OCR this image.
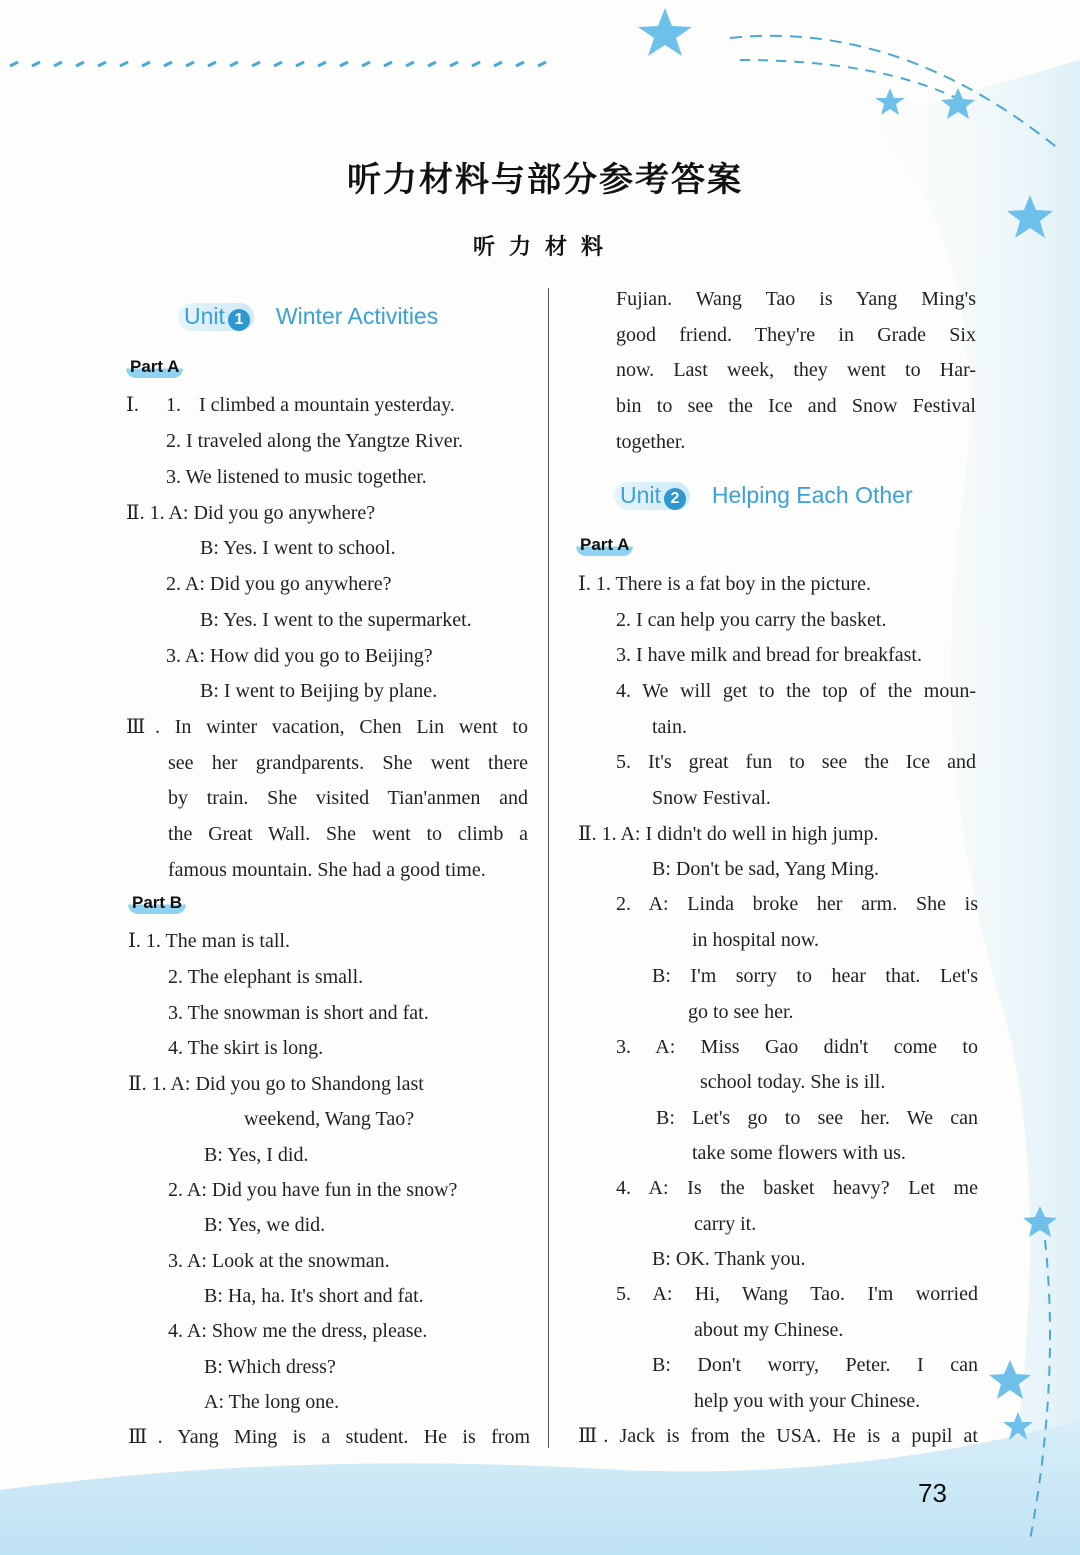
听力材料与部分参考答案
听力材料
Unit 1 Winter Activities
Part A
Ⅰ. 1. I climbed a mountain yesterday.
2. I traveled along the Yangtze River.
3. We listened to music together.
Ⅱ. 1. A: Did you go anywhere?
B: Yes. I went to school.
2. A: Did you go anywhere?
B: Yes. I went to the supermarket.
3. A: How did you go to Beijing?
B: I went to Beijing by plane.
Ⅲ. In winter vacation, Chen Lin went to
see her grandparents. She went there
by train. She visited Tian'anmen and
the Great Wall. She went to climb a
famous mountain. She had a good time.
Part B
Ⅰ. 1. The man is tall.
2. The elephant is small.
3. The snowman is short and fat.
4. The skirt is long.
Ⅱ. 1. A: Did you go to Shandong last
weekend, Wang Tao?
B: Yes, I did.
2. A: Did you have fun in the snow?
B: Yes, we did.
3. A: Look at the snowman.
B: Ha, ha. It's short and fat.
4. A: Show me the dress, please.
B: Which dress?
A: The long one.
Ⅲ. Yang Ming is a student. He is from
Fujian. Wang Tao is Yang Ming's
good friend. They're in Grade Six
now. Last week, they went to Har-
bin to see the Ice and Snow Festival
together.
Unit 2 Helping Each Other
Part A
Ⅰ. 1. There is a fat boy in the picture.
2. I can help you carry the basket.
3. I have milk and bread for breakfast.
4. We will get to the top of the moun-
tain.
5. It's great fun to see the Ice and
Snow Festival.
Ⅱ. 1. A: I didn't do well in high jump.
B: Don't be sad, Yang Ming.
2. A: Linda broke her arm. She is
in hospital now.
B: I'm sorry to hear that. Let's
go to see her.
3. A: Miss Gao didn't come to
school today. She is ill.
B: Let's go to see her. We can
take some flowers with us.
4. A: Is the basket heavy? Let me
carry it.
B: OK. Thank you.
5. A: Hi, Wang Tao. I'm worried
about my Chinese.
B: Don't worry, Peter. I can
help you with your Chinese.
Ⅲ. Jack is from the USA. He is a pupil at
73
